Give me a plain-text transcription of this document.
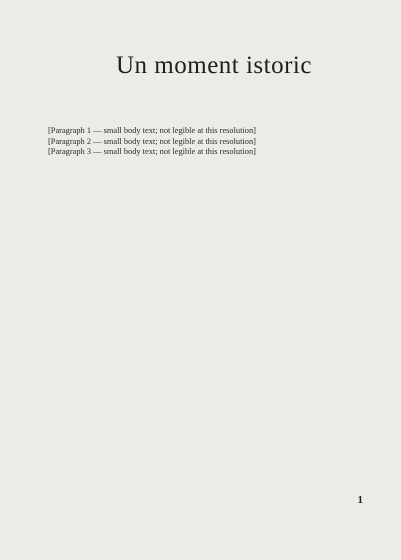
Un moment istoric

[Paragraph 1 — small body text; not legible at this resolution]

[Paragraph 2 — small body text; not legible at this resolution]

[Paragraph 3 — small body text; not legible at this resolution]

1
